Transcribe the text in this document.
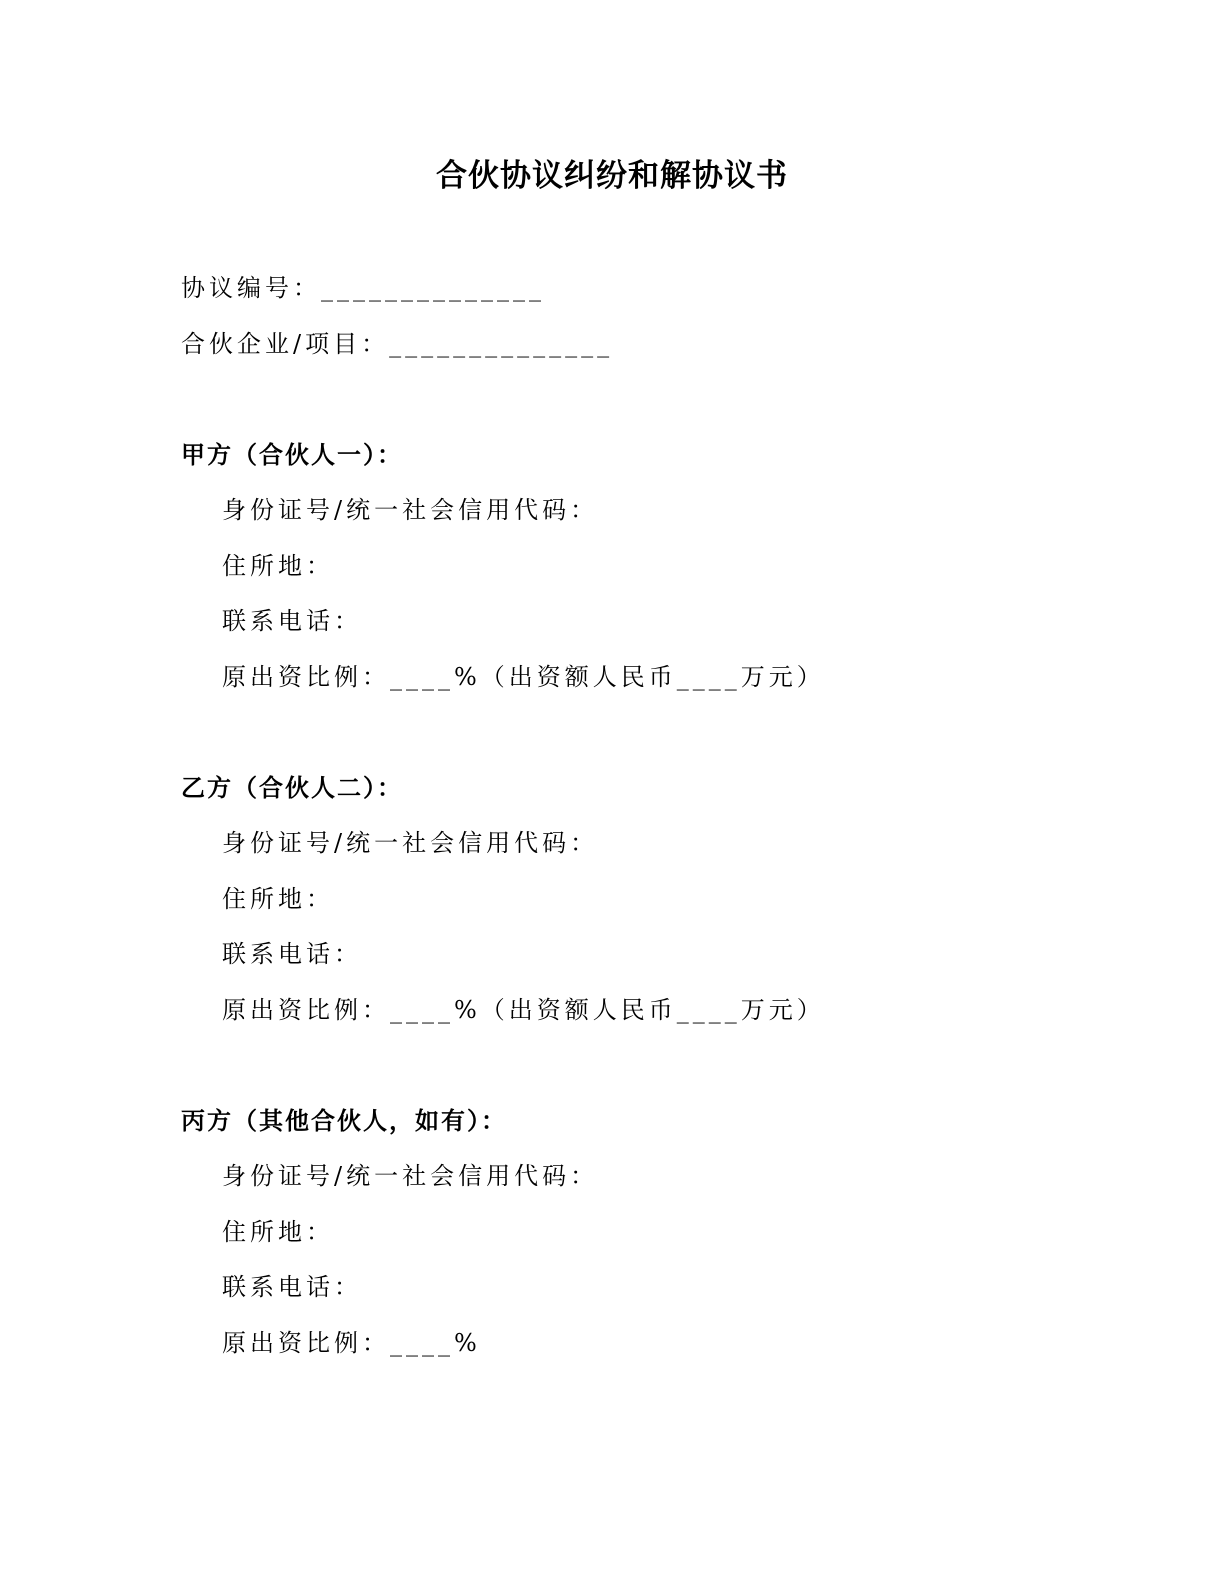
合伙协议纠纷和解协议书
协议编号：______________
合伙企业/项目：______________
甲方（合伙人一）：
身份证号/统一社会信用代码：
住所地：
联系电话：
原出资比例：____%（出资额人民币____万元）
乙方（合伙人二）：
身份证号/统一社会信用代码：
住所地：
联系电话：
原出资比例：____%（出资额人民币____万元）
丙方（其他合伙人，如有）：
身份证号/统一社会信用代码：
住所地：
联系电话：
原出资比例：____%
